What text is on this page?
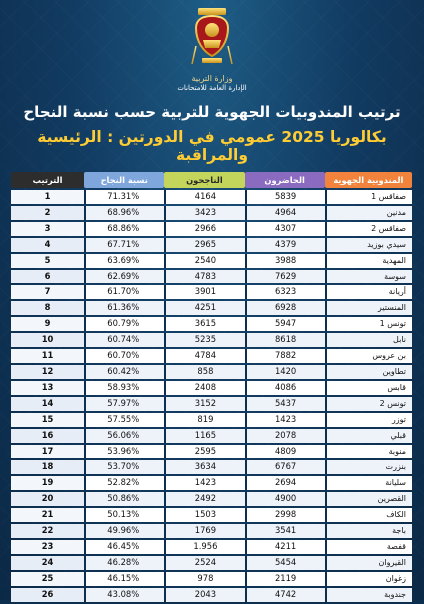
وزارة التربية
الإدارة العامة للامتحانات
ترتيب المندوبيات الجهوية للتربية حسب نسبة النجاح
بكالوريا 2025 عمومي في الدورتين : الرئيسية والمراقبة
المندوبية الجهوية	الحاضرون	الناجحون	نسبة النجاح	الترتيب
صفاقس 1	5839	4164	71.31%	1
مدنين	4964	3423	68.96%	2
صفاقس 2	4307	2966	68.86%	3
سيدي بوزيد	4379	2965	67.71%	4
المهدية	3988	2540	63.69%	5
سوسة	7629	4783	62.69%	6
أريانة	6323	3901	61.70%	7
المنستير	6928	4251	61.36%	8
تونس 1	5947	3615	60.79%	9
نابل	8618	5235	60.74%	10
بن عروس	7882	4784	60.70%	11
تطاوين	1420	858	60.42%	12
قابس	4086	2408	58.93%	13
تونس 2	5437	3152	57.97%	14
توزر	1423	819	57.55%	15
قبلي	2078	1165	56.06%	16
منوبة	4809	2595	53.96%	17
بنزرت	6767	3634	53.70%	18
سليانة	2694	1423	52.82%	19
القصرين	4900	2492	50.86%	20
الكاف	2998	1503	50.13%	21
باجة	3541	1769	49.96%	22
قفصة	4211	1.956	46.45%	23
القيروان	5454	2524	46.28%	24
زغوان	2119	978	46.15%	25
جندوبة	4742	2043	43.08%	26
